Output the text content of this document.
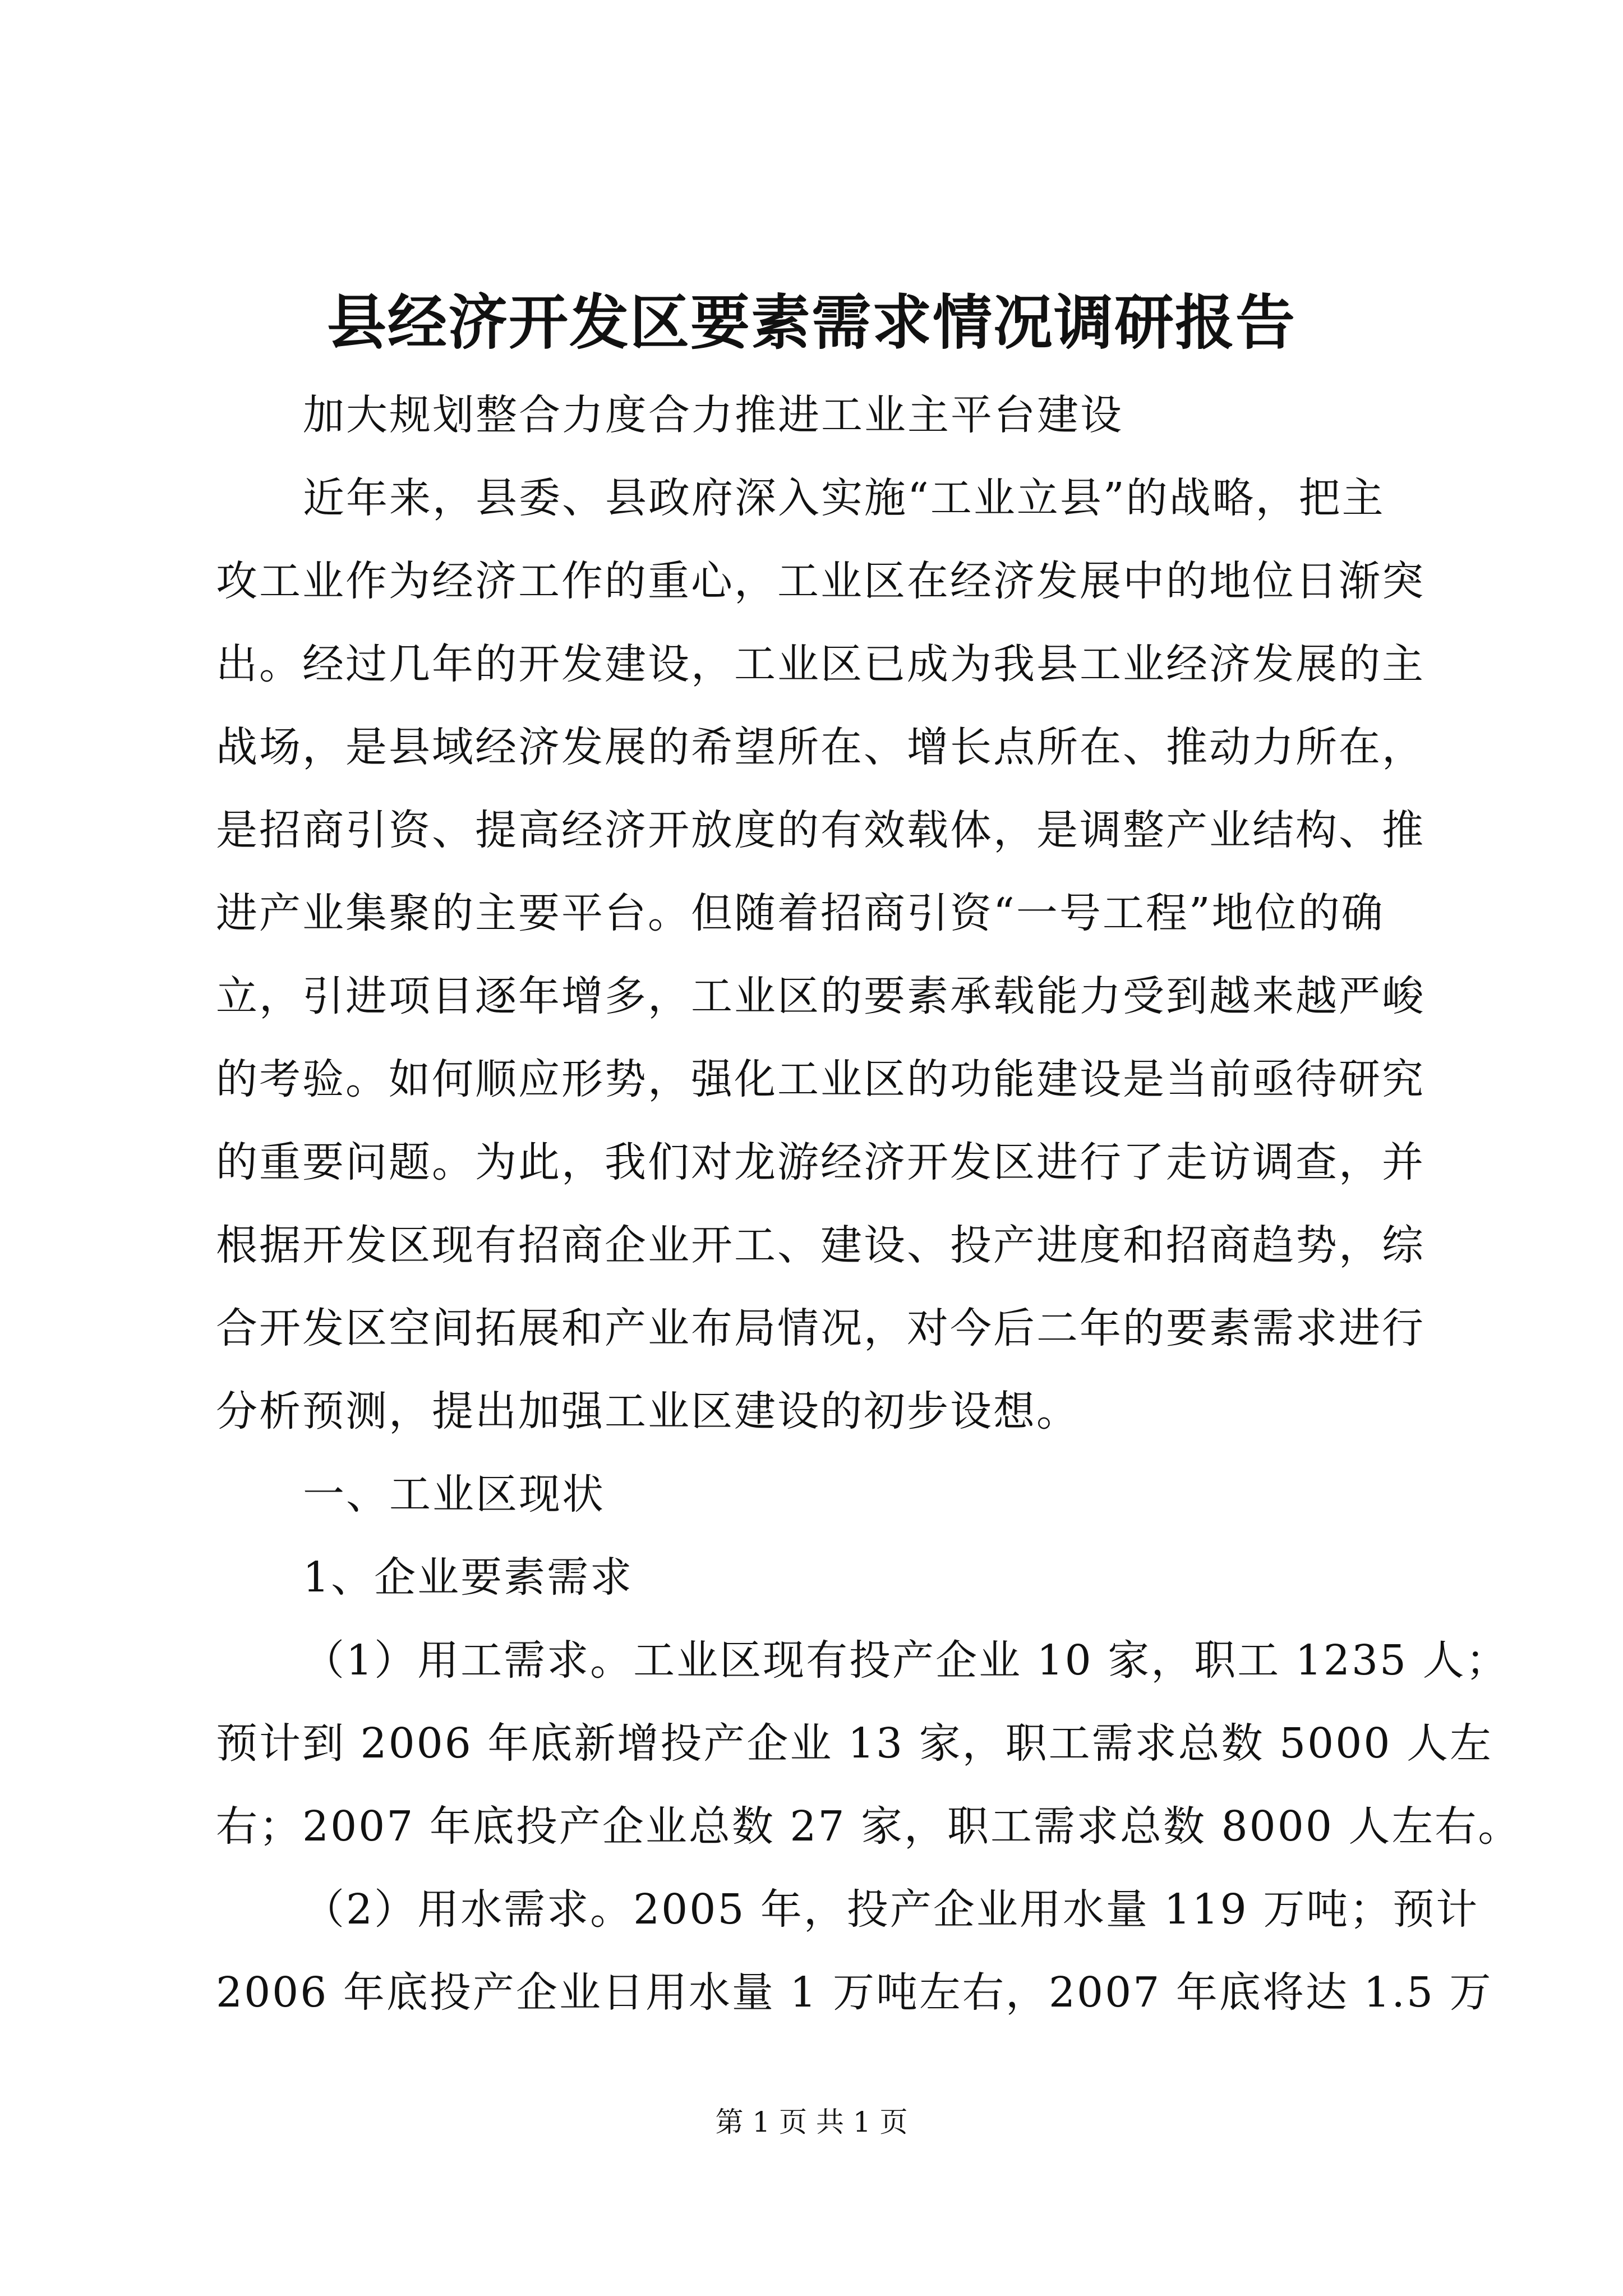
县经济开发区要素需求情况调研报告
加大规划整合力度合力推进工业主平台建设
近年来，县委、县政府深入实施“工业立县”的战略，把主
攻工业作为经济工作的重心，工业区在经济发展中的地位日渐突
出。经过几年的开发建设，工业区已成为我县工业经济发展的主
战场，是县域经济发展的希望所在、增长点所在、推动力所在，
是招商引资、提高经济开放度的有效载体，是调整产业结构、推
进产业集聚的主要平台。但随着招商引资“一号工程”地位的确
立，引进项目逐年增多，工业区的要素承载能力受到越来越严峻
的考验。如何顺应形势，强化工业区的功能建设是当前亟待研究
的重要问题。为此，我们对龙游经济开发区进行了走访调查，并
根据开发区现有招商企业开工、建设、投产进度和招商趋势，综
合开发区空间拓展和产业布局情况，对今后二年的要素需求进行
分析预测，提出加强工业区建设的初步设想。
一、工业区现状
1、企业要素需求
（1）用工需求。工业区现有投产企业 10 家，职工 1235 人；
预计到 2006 年底新增投产企业 13 家，职工需求总数 5000 人左
右；2007 年底投产企业总数 27 家，职工需求总数 8000 人左右。
（2）用水需求。2005 年，投产企业用水量 119 万吨；预计
2006 年底投产企业日用水量 1 万吨左右，2007 年底将达 1.5 万
第 1 页 共 1 页
